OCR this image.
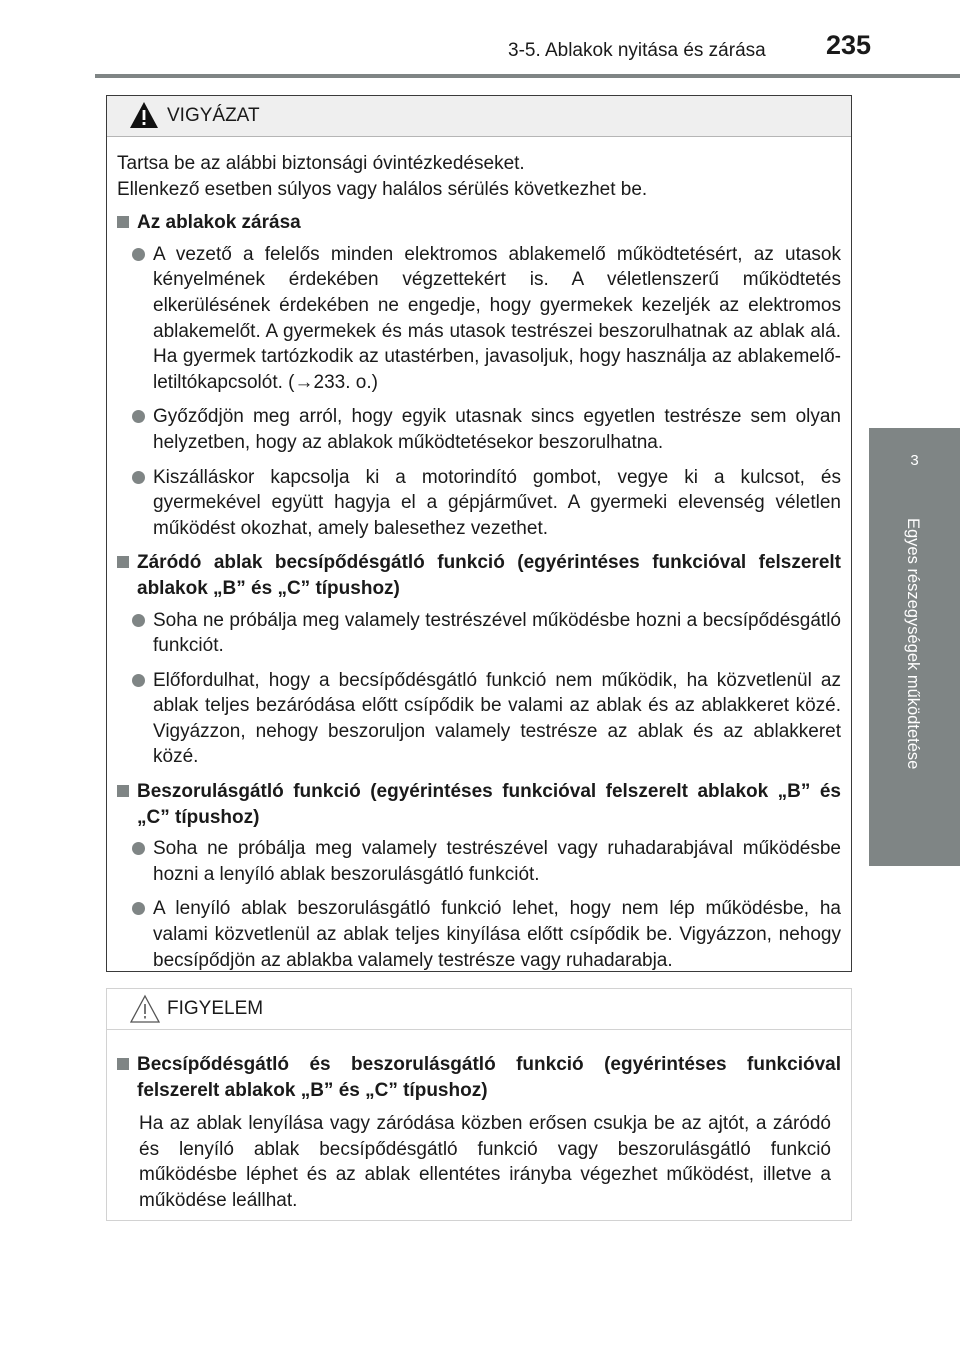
3-5. Ablakok nyitása és zárása 235
3
Egyes részegységek működtetése
VIGYÁZAT
Tartsa be az alábbi biztonsági óvintézkedéseket.
Ellenkező esetben súlyos vagy halálos sérülés következhet be.
Az ablakok zárása
A vezető a felelős minden elektromos ablakemelő működtetésért, az utasok kényelmének érdekében végzettekért is. A véletlenszerű működtetés elkerülésének érdekében ne engedje, hogy gyermekek kezeljék az elektromos ablakemelőt. A gyermekek és más utasok testrészei beszorulhatnak az ablak alá. Ha gyermek tartózkodik az utastérben, javasoljuk, hogy használja az ablakemelő-letiltókapcsolót. (→233. o.)
Győződjön meg arról, hogy egyik utasnak sincs egyetlen testrésze sem olyan helyzetben, hogy az ablakok működtetésekor beszorulhatna.
Kiszálláskor kapcsolja ki a motorindító gombot, vegye ki a kulcsot, és gyermekével együtt hagyja el a gépjárművet. A gyermeki elevenség véletlen működést okozhat, amely balesethez vezethet.
Záródó ablak becsípődésgátló funkció (egyérintéses funkcióval felszerelt ablakok „B” és „C” típushoz)
Soha ne próbálja meg valamely testrészével működésbe hozni a becsípődésgátló funkciót.
Előfordulhat, hogy a becsípődésgátló funkció nem működik, ha közvetlenül az ablak teljes bezáródása előtt csípődik be valami az ablak és az ablakkeret közé. Vigyázzon, nehogy beszoruljon valamely testrésze az ablak és az ablakkeret közé.
Beszorulásgátló funkció (egyérintéses funkcióval felszerelt ablakok „B” és „C” típushoz)
Soha ne próbálja meg valamely testrészével vagy ruhadarabjával működésbe hozni a lenyíló ablak beszorulásgátló funkciót.
A lenyíló ablak beszorulásgátló funkció lehet, hogy nem lép működésbe, ha valami közvetlenül az ablak teljes kinyílása előtt csípődik be. Vigyázzon, nehogy becsípődjön az ablakba valamely testrésze vagy ruhadarabja.
FIGYELEM
Becsípődésgátló és beszorulásgátló funkció (egyérintéses funkcióval felszerelt ablakok „B” és „C” típushoz)
Ha az ablak lenyílása vagy záródása közben erősen csukja be az ajtót, a záródó és lenyíló ablak becsípődésgátló funkció vagy beszorulásgátló funkció működésbe léphet és az ablak ellentétes irányba végezhet működést, illetve a működése leállhat.
